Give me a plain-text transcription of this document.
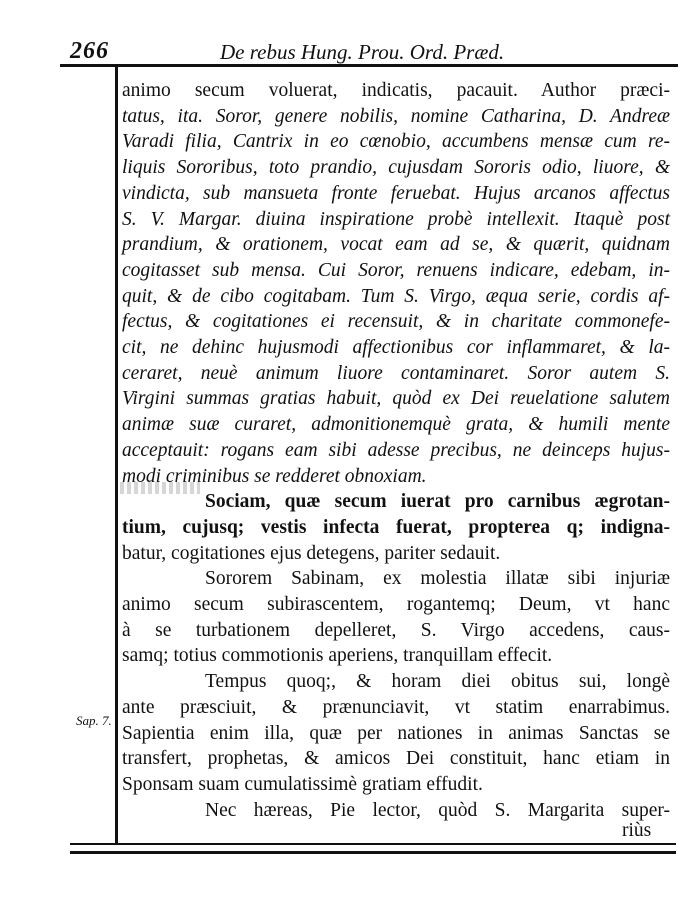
266	De rebus Hung. Prou. Ord. Præd.
Sap. 7.
animo secum voluerat, indicatis, pacauit. Author præci-
tatus, ita. Soror, genere nobilis, nomine Catharina, D. Andreæ
Varadi filia, Cantrix in eo cœnobio, accumbens mensæ cum re-
liquis Sororibus, toto prandio, cujusdam Sororis odio, liuore, &
vindicta, sub mansueta fronte feruebat. Hujus arcanos affectus
S. V. Margar. diuina inspiratione probè intellexit. Itaquè post
prandium, & orationem, vocat eam ad se, & quærit, quidnam
cogitasset sub mensa. Cui Soror, renuens indicare, edebam, in-
quit, & de cibo cogitabam. Tum S. Virgo, æqua serie, cordis af-
fectus, & cogitationes ei recensuit, & in charitate commonefe-
cit, ne dehinc hujusmodi affectionibus cor inflammaret, & la-
ceraret, neuè animum liuore contaminaret. Soror autem S.
Virgini summas gratias habuit, quòd ex Dei reuelatione salutem
animæ suæ curaret, admonitionemquè grata, & humili mente
acceptauit: rogans eam sibi adesse precibus, ne deinceps hujus-
modi criminibus se redderet obnoxiam.
Sociam, quæ secum iuerat pro carnibus ægrotan-
tium, cujusq; vestis infecta fuerat, propterea q; indigna-
batur, cogitationes ejus detegens, pariter sedauit.
Sororem Sabinam, ex molestia illatæ sibi injuriæ
animo secum subirascentem, rogantemq; Deum, vt hanc
à se turbationem depelleret, S. Virgo accedens, caus-
samq; totius commotionis aperiens, tranquillam effecit.
Tempus quoq;, & horam diei obitus sui, longè
ante præsciuit, & prænunciavit, vt statim enarrabimus.
Sapientia enim illa, quæ per nationes in animas Sanctas se
transfert, prophetas, & amicos Dei constituit, hanc etiam in
Sponsam suam cumulatissimè gratiam effudit.
Nec hæreas, Pie lector, quòd S. Margarita super-
riùs
